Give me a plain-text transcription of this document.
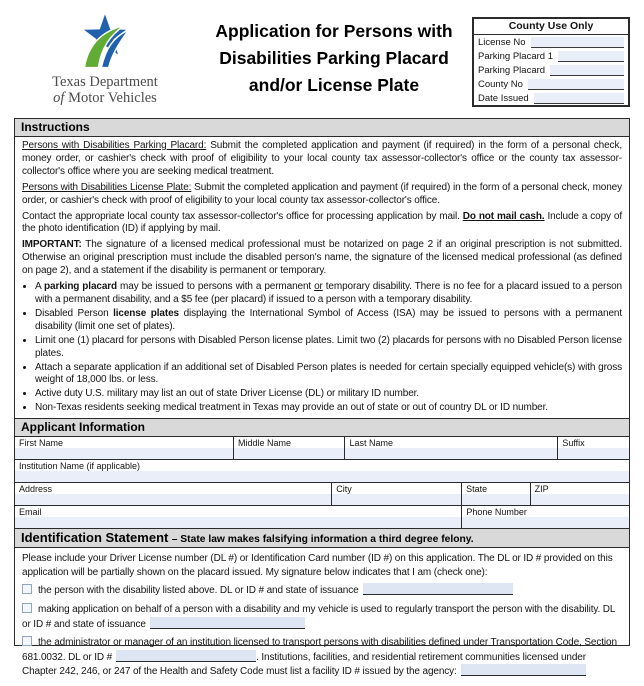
Texas Department
of Motor Vehicles
Application for Persons with
Disabilities Parking Placard
and/or License Plate
County Use Only
License No
Parking Placard 1
Parking Placard
County No
Date Issued
Instructions

Persons with Disabilities Parking Placard: Submit the completed application and payment (if required) in the form of a personal check, money order, or cashier's check with proof of eligibility to your local county tax assessor-collector's office or the county tax assessor-collector's office where you are seeking medical treatment.

Persons with Disabilities License Plate: Submit the completed application and payment (if required) in the form of a personal check, money order, or cashier's check with proof of eligibility to your local county tax assessor-collector's office.

Contact the appropriate local county tax assessor-collector's office for processing application by mail. Do not mail cash. Include a copy of the photo identification (ID) if applying by mail.

IMPORTANT: The signature of a licensed medical professional must be notarized on page 2 if an original prescription is not submitted. Otherwise an original prescription must include the disabled person's name, the signature of the licensed medical professional (as defined on page 2), and a statement if the disability is permanent or temporary.

• A parking placard may be issued to persons with a permanent or temporary disability. There is no fee for a placard issued to a person with a permanent disability, and a $5 fee (per placard) if issued to a person with a temporary disability.
• Disabled Person license plates displaying the International Symbol of Access (ISA) may be issued to persons with a permanent disability (limit one set of plates).
• Limit one (1) placard for persons with Disabled Person license plates. Limit two (2) placards for persons with no Disabled Person license plates.
• Attach a separate application if an additional set of Disabled Person plates is needed for certain specially equipped vehicle(s) with gross weight of 18,000 lbs. or less.
• Active duty U.S. military may list an out of state Driver License (DL) or military ID number.
• Non-Texas residents seeking medical treatment in Texas may provide an out of state or out of country DL or ID number.
Applicant Information
First Name	Middle Name	Last Name	Suffix
Institution Name (if applicable)
Address	City	State	ZIP
Email	Phone Number
Identification Statement – State law makes falsifying information a third degree felony.

Please include your Driver License number (DL #) or Identification Card number (ID #) on this application. The DL or ID # provided on this application will be partially shown on the placard issued. My signature below indicates that I am (check one):

the person with the disability listed above. DL or ID # and state of issuance
making application on behalf of a person with a disability and my vehicle is used to regularly transport the person with the disability. DL or ID # and state of issuance
the administrator or manager of an institution licensed to transport persons with disabilities defined under Transportation Code, Section 681.0032. DL or ID #	. Institutions, facilities, and residential retirement communities licensed under Chapter 242, 246, or 247 of the Health and Safety Code must list a facility ID # issued by the agency:
